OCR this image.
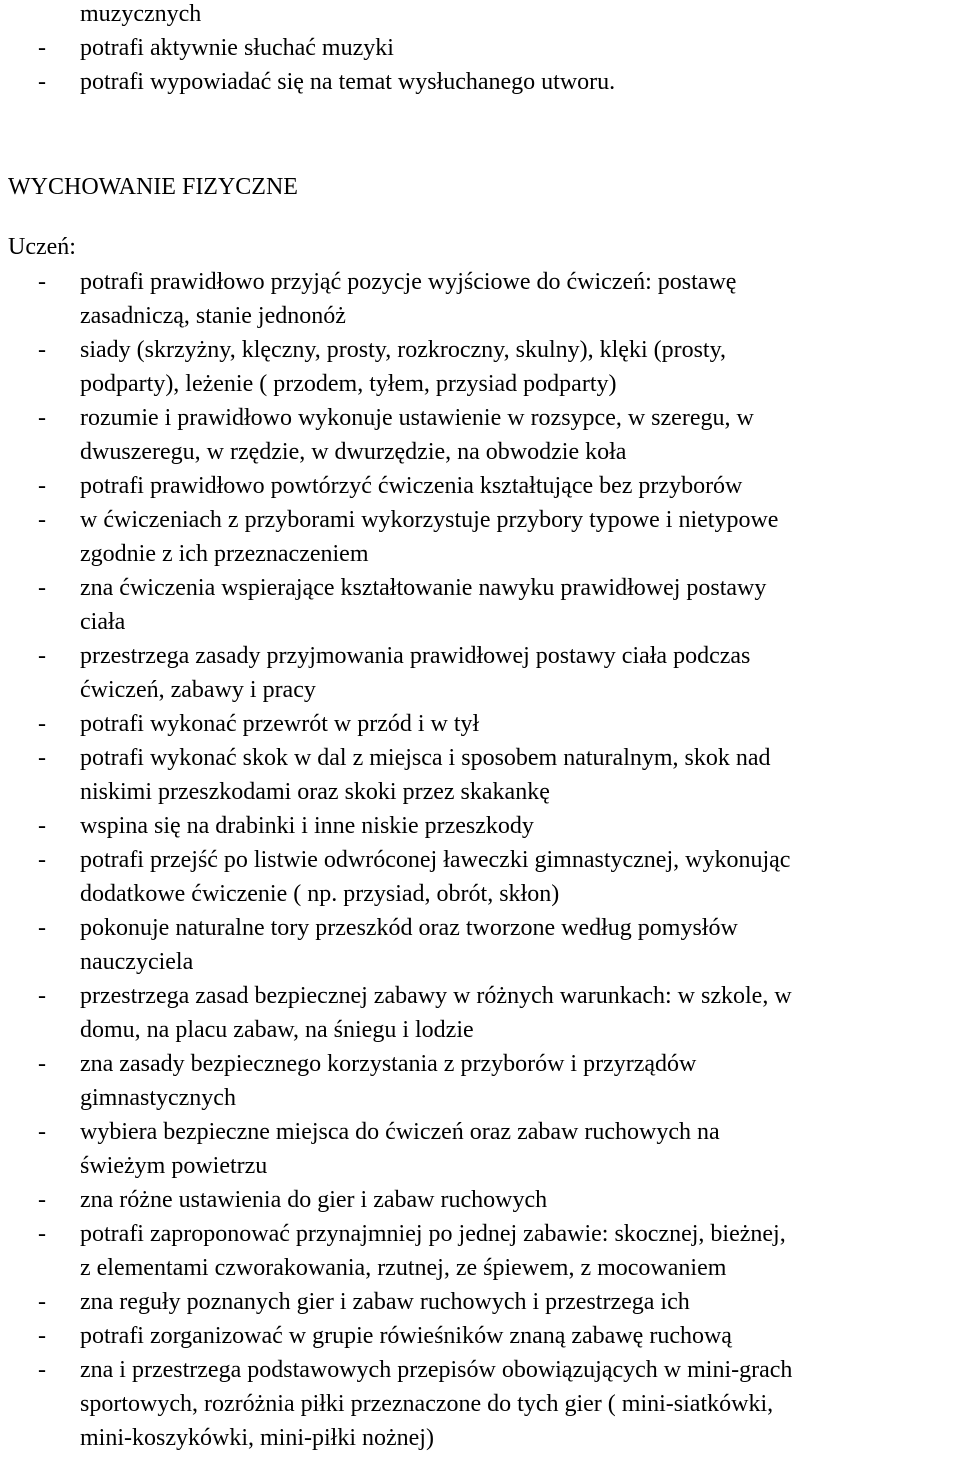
muzycznych
- potrafi aktywnie słuchać muzyki
- potrafi wypowiadać się na temat wysłuchanego utworu.
WYCHOWANIE FIZYCZNE
Uczeń:
- potrafi prawidłowo przyjąć pozycje wyjściowe do ćwiczeń: postawę
zasadniczą, stanie jednonóż
- siady (skrzyżny, klęczny, prosty, rozkroczny, skulny), klęki (prosty,
podparty), leżenie ( przodem, tyłem, przysiad podparty)
- rozumie i prawidłowo wykonuje ustawienie w rozsypce, w szeregu, w
dwuszeregu, w rzędzie, w dwurzędzie, na obwodzie koła
- potrafi prawidłowo powtórzyć ćwiczenia kształtujące bez przyborów
- w ćwiczeniach z przyborami wykorzystuje przybory typowe i nietypowe
zgodnie z ich przeznaczeniem
- zna ćwiczenia wspierające kształtowanie nawyku prawidłowej postawy
ciała
- przestrzega zasady przyjmowania prawidłowej postawy ciała podczas
ćwiczeń, zabawy i pracy
- potrafi wykonać przewrót w przód i w tył
- potrafi wykonać skok w dal z miejsca i sposobem naturalnym, skok nad
niskimi przeszkodami oraz skoki przez skakankę
- wspina się na drabinki i inne niskie przeszkody
- potrafi przejść po listwie odwróconej ławeczki gimnastycznej, wykonując
dodatkowe ćwiczenie ( np. przysiad, obrót, skłon)
- pokonuje naturalne tory przeszkód oraz tworzone według pomysłów
nauczyciela
- przestrzega zasad bezpiecznej zabawy w różnych warunkach: w szkole, w
domu, na placu zabaw, na śniegu i lodzie
- zna zasady bezpiecznego korzystania z przyborów i przyrządów
gimnastycznych
- wybiera bezpieczne miejsca do ćwiczeń oraz zabaw ruchowych na
świeżym powietrzu
- zna różne ustawienia do gier i zabaw ruchowych
- potrafi zaproponować przynajmniej po jednej zabawie: skocznej, bieżnej,
z elementami czworakowania, rzutnej, ze śpiewem, z mocowaniem
- zna reguły poznanych gier i zabaw ruchowych i przestrzega ich
- potrafi zorganizować w grupie rówieśników znaną zabawę ruchową
- zna i przestrzega podstawowych przepisów obowiązujących w mini-grach
sportowych, rozróżnia piłki przeznaczone do tych gier ( mini-siatkówki,
mini-koszykówki, mini-piłki nożnej)
